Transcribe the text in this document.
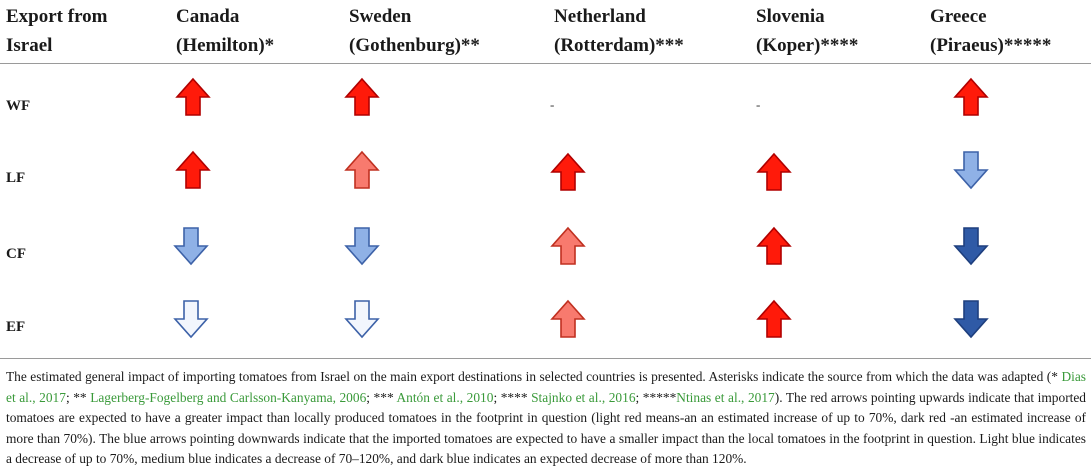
Export from
Israel
Canada
(Hemilton)*
Sweden
(Gothenburg)**
Netherland
(Rotterdam)***
Slovenia
(Koper)****
Greece
(Piraeus)*****
WF
LF
CF
EF
-	-
The estimated general impact of importing tomatoes from Israel on the main export destinations in selected countries is presented. Asterisks indicate the source from which the data was adapted (* Dias et al., 2017; ** Lagerberg-Fogelberg and Carlsson-Kanyama, 2006; *** Antón et al., 2010; **** Stajnko et al., 2016; *****Ntinas et al., 2017). The red arrows pointing upwards indicate that imported tomatoes are expected to have a greater impact than locally produced tomatoes in the footprint in question (light red means-an an estimated increase of up to 70%, dark red -an estimated increase of more than 70%). The blue arrows pointing downwards indicate that the imported tomatoes are expected to have a smaller impact than the local tomatoes in the footprint in question. Light blue indicates a decrease of up to 70%, medium blue indicates a decrease of 70–120%, and dark blue indicates an expected decrease of more than 120%.
